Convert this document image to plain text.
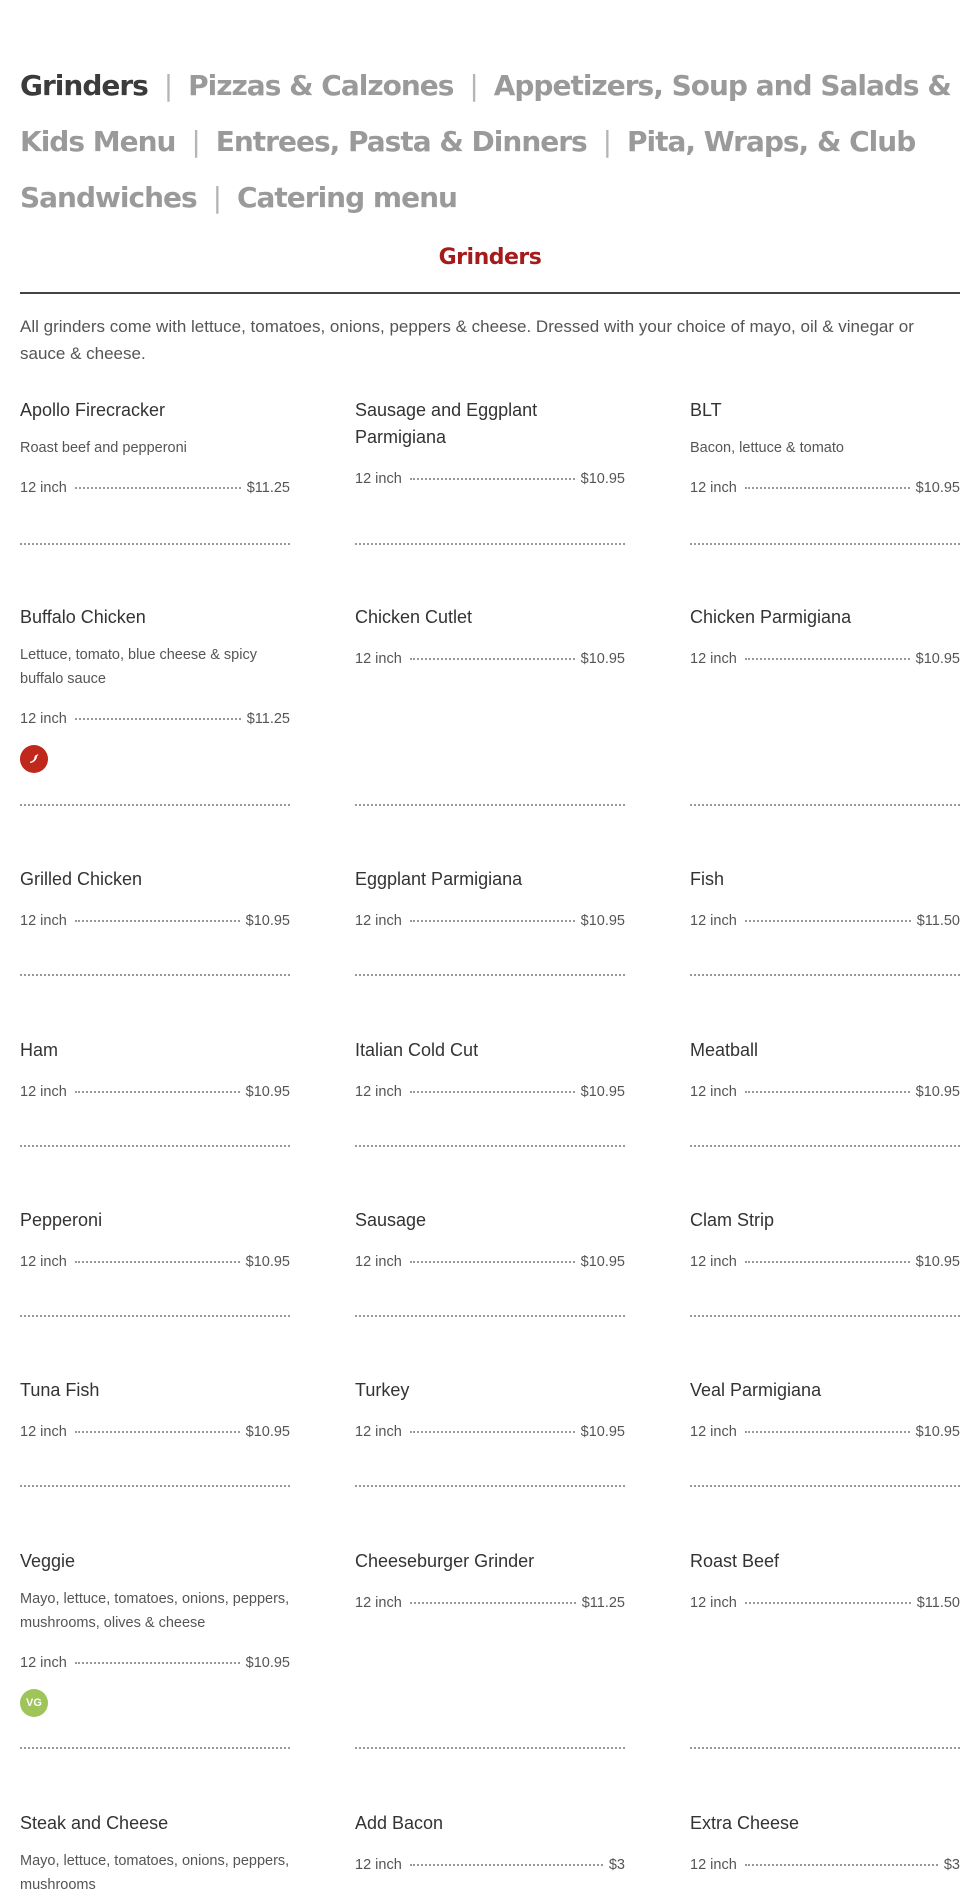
Grinders | Pizzas & Calzones | Appetizers, Soup and Salads & Kids Menu | Entrees, Pasta & Dinners | Pita, Wraps, & Club Sandwiches | Catering menu
Grinders

All grinders come with lettuce, tomatoes, onions, peppers & cheese. Dressed with your choice of mayo, oil & vinegar or sauce & cheese.

Apollo Firecracker
Roast beef and pepperoni
12 inch	$11.25
Sausage and Eggplant Parmigiana
12 inch	$10.95
BLT
Bacon, lettuce & tomato
12 inch	$10.95
Buffalo Chicken
Lettuce, tomato, blue cheese & spicy buffalo sauce
12 inch	$11.25
Chicken Cutlet
12 inch	$10.95
Chicken Parmigiana
12 inch	$10.95
Grilled Chicken
12 inch	$10.95
Eggplant Parmigiana
12 inch	$10.95
Fish
12 inch	$11.50
Ham
12 inch	$10.95
Italian Cold Cut
12 inch	$10.95
Meatball
12 inch	$10.95
Pepperoni
12 inch	$10.95
Sausage
12 inch	$10.95
Clam Strip
12 inch	$10.95
Tuna Fish
12 inch	$10.95
Turkey
12 inch	$10.95
Veal Parmigiana
12 inch	$10.95
Veggie
Mayo, lettuce, tomatoes, onions, peppers, mushrooms, olives & cheese
12 inch	$10.95
VG
Cheeseburger Grinder
12 inch	$11.25
Roast Beef
12 inch	$11.50
Steak and Cheese
Mayo, lettuce, tomatoes, onions, peppers, mushrooms
Add Bacon
12 inch	$3
Extra Cheese
12 inch	$3
